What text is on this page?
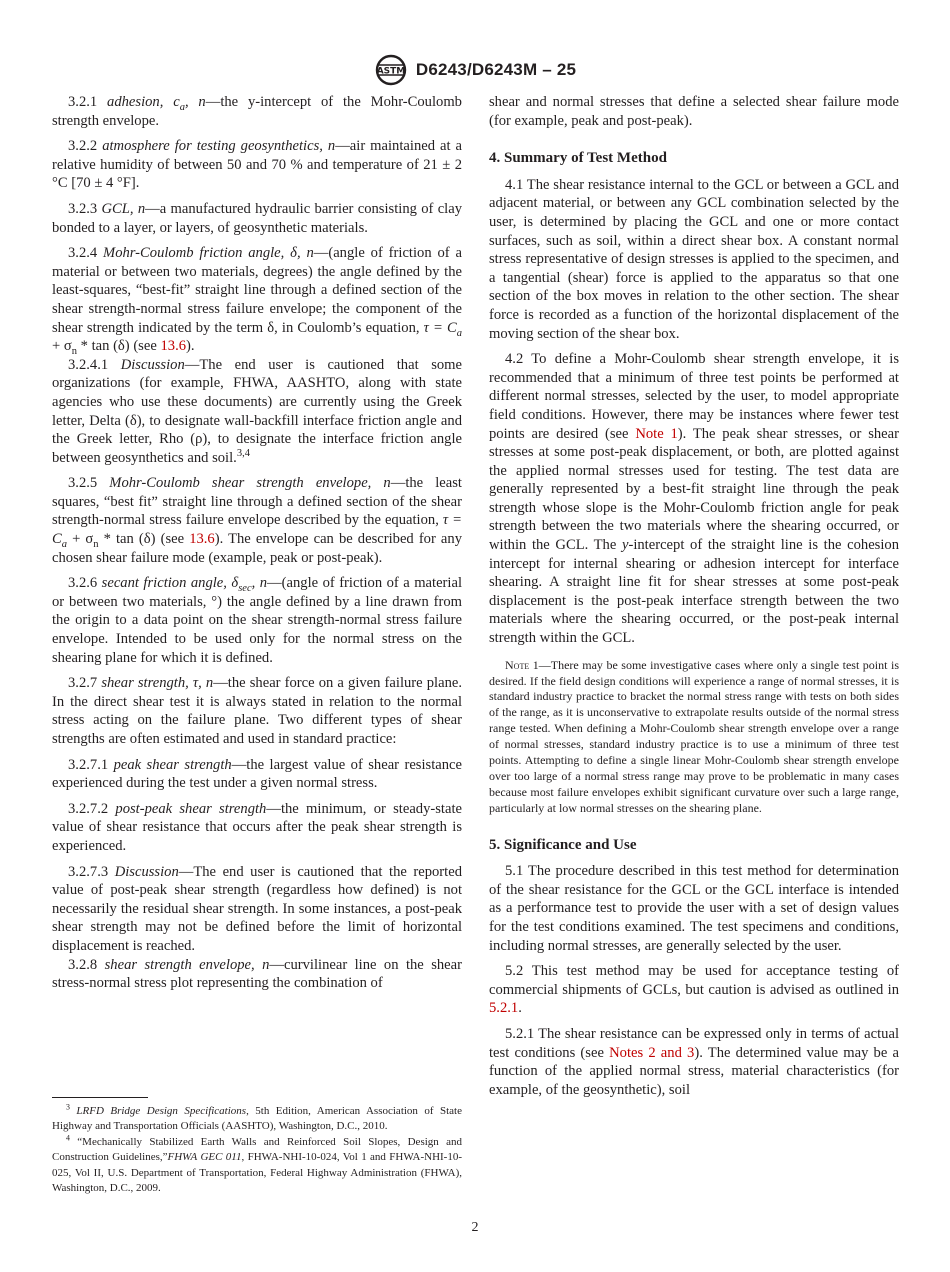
ASTM D6243/D6243M – 25

3.2.1 adhesion, $c_a$, n—the y-intercept of the Mohr-Coulomb strength envelope.

3.2.2 atmosphere for testing geosynthetics, n—air maintained at a relative humidity of between 50 and 70 % and temperature of 21 ± 2 °C [70 ± 4 °F].

3.2.3 GCL, n—a manufactured hydraulic barrier consisting of clay bonded to a layer, or layers, of geosynthetic materials.

3.2.4 Mohr-Coulomb friction angle, δ, n—(angle of friction of a material or between two materials, degrees) the angle defined by the least-squares, “best-fit” straight line through a defined section of the shear strength-normal stress failure envelope; the component of the shear strength indicated by the term δ, in Coulomb’s equation, $\tau = C_a + \sigma_n * \tan (\delta)$ (see 13.6).

3.2.4.1 Discussion—The end user is cautioned that some organizations (for example, FHWA, AASHTO, along with state agencies who use these documents) are currently using the Greek letter, Delta (δ), to designate wall-backfill interface friction angle and the Greek letter, Rho (ρ), to designate the interface friction angle between geosynthetics and soil.$^{3,4}$

3.2.5 Mohr-Coulomb shear strength envelope, n—the least squares, “best fit” straight line through a defined section of the shear strength-normal stress failure envelope described by the equation, $\tau = C_a + \sigma_n * \tan (\delta)$ (see 13.6). The envelope can be described for any chosen shear failure mode (example, peak or post-peak).

3.2.6 secant friction angle, $\delta_{sec}$, n—(angle of friction of a material or between two materials, °) the angle defined by a line drawn from the origin to a data point on the shear strength-normal stress failure envelope. Intended to be used only for the normal stress on the shearing plane for which it is defined.

3.2.7 shear strength, τ, n—the shear force on a given failure plane. In the direct shear test it is always stated in relation to the normal stress acting on the failure plane. Two different types of shear strengths are often estimated and used in standard practice:

3.2.7.1 peak shear strength—the largest value of shear resistance experienced during the test under a given normal stress.

3.2.7.2 post-peak shear strength—the minimum, or steady-state value of shear resistance that occurs after the peak shear strength is experienced.

3.2.7.3 Discussion—The end user is cautioned that the reported value of post-peak shear strength (regardless how defined) is not necessarily the residual shear strength. In some instances, a post-peak shear strength may not be defined before the limit of horizontal displacement is reached.

3.2.8 shear strength envelope, n—curvilinear line on the shear stress-normal stress plot representing the combination of

$^3$ LRFD Bridge Design Specifications, 5th Edition, American Association of State Highway and Transportation Officials (AASHTO), Washington, D.C., 2010.

$^4$ “Mechanically Stabilized Earth Walls and Reinforced Soil Slopes, Design and Construction Guidelines,”FHWA GEC 011, FHWA-NHI-10-024, Vol 1 and FHWA-NHI-10-025, Vol II, U.S. Department of Transportation, Federal Highway Administration (FHWA), Washington, D.C., 2009.

shear and normal stresses that define a selected shear failure mode (for example, peak and post-peak).

4. Summary of Test Method

4.1 The shear resistance internal to the GCL or between a GCL and adjacent material, or between any GCL combination selected by the user, is determined by placing the GCL and one or more contact surfaces, such as soil, within a direct shear box. A constant normal stress representative of design stresses is applied to the specimen, and a tangential (shear) force is applied to the apparatus so that one section of the box moves in relation to the other section. The shear force is recorded as a function of the horizontal displacement of the moving section of the shear box.

4.2 To define a Mohr-Coulomb shear strength envelope, it is recommended that a minimum of three test points be performed at different normal stresses, selected by the user, to model appropriate field conditions. However, there may be instances where fewer test points are desired (see Note 1). The peak shear stresses, or shear stresses at some post-peak displacement, or both, are plotted against the applied normal stresses used for testing. The test data are generally represented by a best-fit straight line through the peak strength whose slope is the Mohr-Coulomb friction angle for peak strength between the two materials where the shearing occurred, or within the GCL. The y-intercept of the straight line is the cohesion intercept for internal shearing or adhesion intercept for interface shearing. A straight line fit for shear stresses at some post-peak displacement is the post-peak interface strength between the two materials where the shearing occurred, or the post-peak internal strength within the GCL.

Note 1—There may be some investigative cases where only a single test point is desired. If the field design conditions will experience a range of normal stresses, it is standard industry practice to bracket the normal stress range with tests on both sides of the range, as it is unconservative to extrapolate results outside of the normal stress range tested. When defining a Mohr-Coulomb shear strength envelope over a range of normal stresses, standard industry practice is to use a minimum of three test points. Attempting to define a single linear Mohr-Coulomb shear strength envelope over too large of a normal stress range may prove to be problematic in many cases because most failure envelopes exhibit significant curvature over such a large range, particularly at low normal stresses on the shearing plane.

5. Significance and Use

5.1 The procedure described in this test method for determination of the shear resistance for the GCL or the GCL interface is intended as a performance test to provide the user with a set of design values for the test conditions examined. The test specimens and conditions, including normal stresses, are generally selected by the user.

5.2 This test method may be used for acceptance testing of commercial shipments of GCLs, but caution is advised as outlined in 5.2.1.

5.2.1 The shear resistance can be expressed only in terms of actual test conditions (see Notes 2 and 3). The determined value may be a function of the applied normal stress, material characteristics (for example, of the geosynthetic), soil

2
